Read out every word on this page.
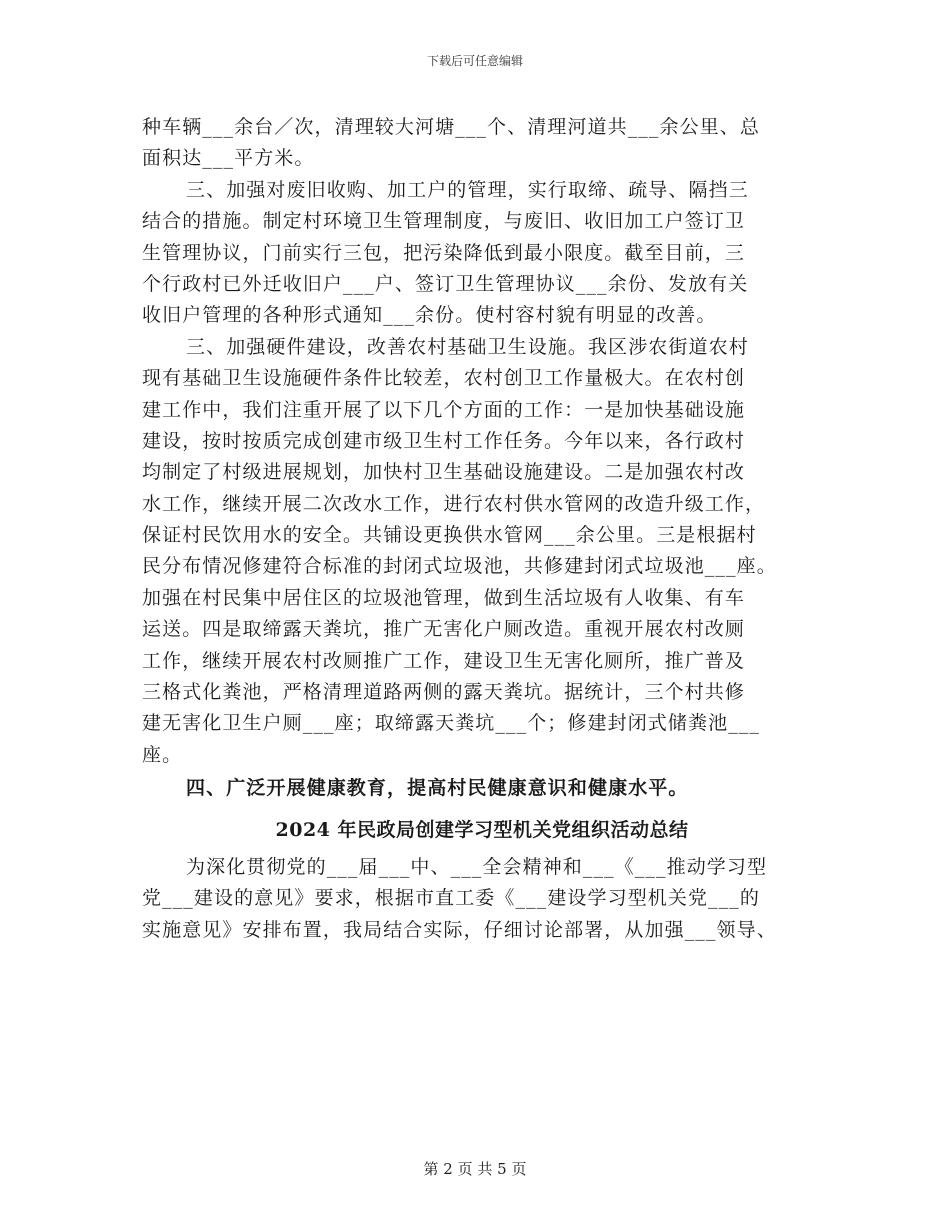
下载后可任意编辑
种车辆___余台／次，清理较大河塘___个、清理河道共___余公里、总
面积达___平方米。
三、加强对废旧收购、加工户的管理，实行取缔、疏导、隔挡三
结合的措施。制定村环境卫生管理制度，与废旧、收旧加工户签订卫
生管理协议，门前实行三包，把污染降低到最小限度。截至目前，三
个行政村已外迁收旧户___户、签订卫生管理协议___余份、发放有关
收旧户管理的各种形式通知___余份。使村容村貌有明显的改善。
三、加强硬件建设，改善农村基础卫生设施。我区涉农街道农村
现有基础卫生设施硬件条件比较差，农村创卫工作量极大。在农村创
建工作中，我们注重开展了以下几个方面的工作：一是加快基础设施
建设，按时按质完成创建市级卫生村工作任务。今年以来，各行政村
均制定了村级进展规划，加快村卫生基础设施建设。二是加强农村改
水工作，继续开展二次改水工作，进行农村供水管网的改造升级工作，
保证村民饮用水的安全。共铺设更换供水管网___余公里。三是根据村
民分布情况修建符合标准的封闭式垃圾池，共修建封闭式垃圾池___座。
加强在村民集中居住区的垃圾池管理，做到生活垃圾有人收集、有车
运送。四是取缔露天粪坑，推广无害化户厕改造。重视开展农村改厕
工作，继续开展农村改厕推广工作，建设卫生无害化厕所，推广普及
三格式化粪池，严格清理道路两侧的露天粪坑。据统计，三个村共修
建无害化卫生户厕___座；取缔露天粪坑___个；修建封闭式储粪池___
座。
四、广泛开展健康教育，提高村民健康意识和健康水平。
2024 年民政局创建学习型机关党组织活动总结
为深化贯彻党的___届___中、___全会精神和___《___推动学习型
党___建设的意见》要求，根据市直工委《___建设学习型机关党___的
实施意见》安排布置，我局结合实际，仔细讨论部署，从加强___领导、
第 2 页 共 5 页
